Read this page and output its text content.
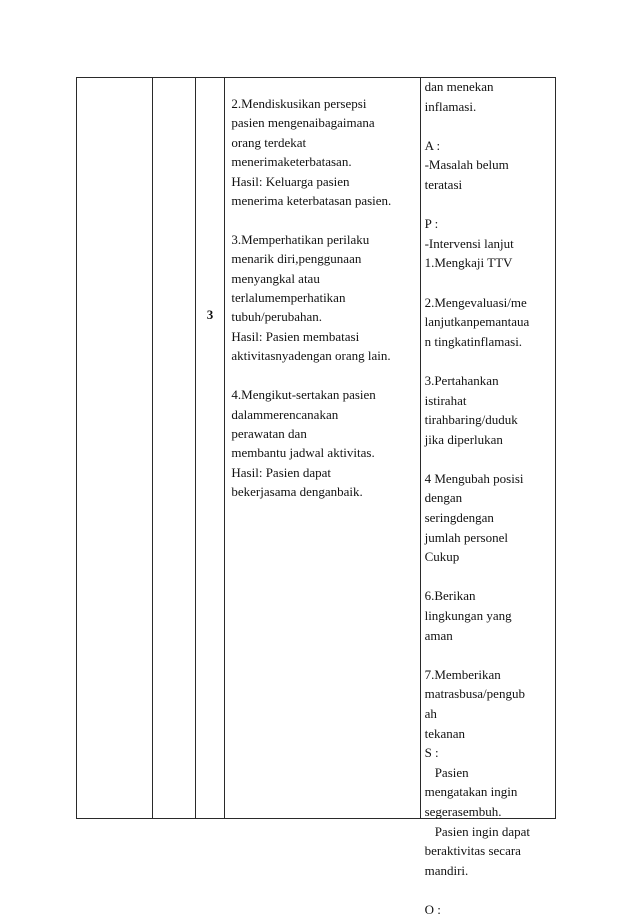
3
2.Mendiskusikan persepsi
pasien mengenaibagaimana
orang terdekat
menerimaketerbatasan.
Hasil: Keluarga pasien
menerima keterbatasan pasien.

3.Memperhatikan perilaku
menarik diri,penggunaan
menyangkal atau
terlalumemperhatikan
tubuh/perubahan.
Hasil: Pasien membatasi
aktivitasnyadengan orang lain.

4.Mengikut-sertakan pasien
dalammerencanakan
perawatan dan
membantu jadwal aktivitas.
Hasil: Pasien dapat
bekerjasama denganbaik.
dan menekan
inflamasi.

A :
-Masalah belum
teratasi

P :
-Intervensi lanjut
1.Mengkaji TTV

2.Mengevaluasi/me
lanjutkanpemantaua
n tingkatinflamasi.

3.Pertahankan
istirahat
tirahbaring/duduk
jika diperlukan

4 Mengubah posisi
dengan
seringdengan
jumlah personel
Cukup

6.Berikan
lingkungan yang
aman

7.Memberikan
matrasbusa/pengub
ah
tekanan
S :
Pasien
mengatakan ingin
segerasembuh.
Pasien ingin dapat
beraktivitas secara
mandiri.

O :
